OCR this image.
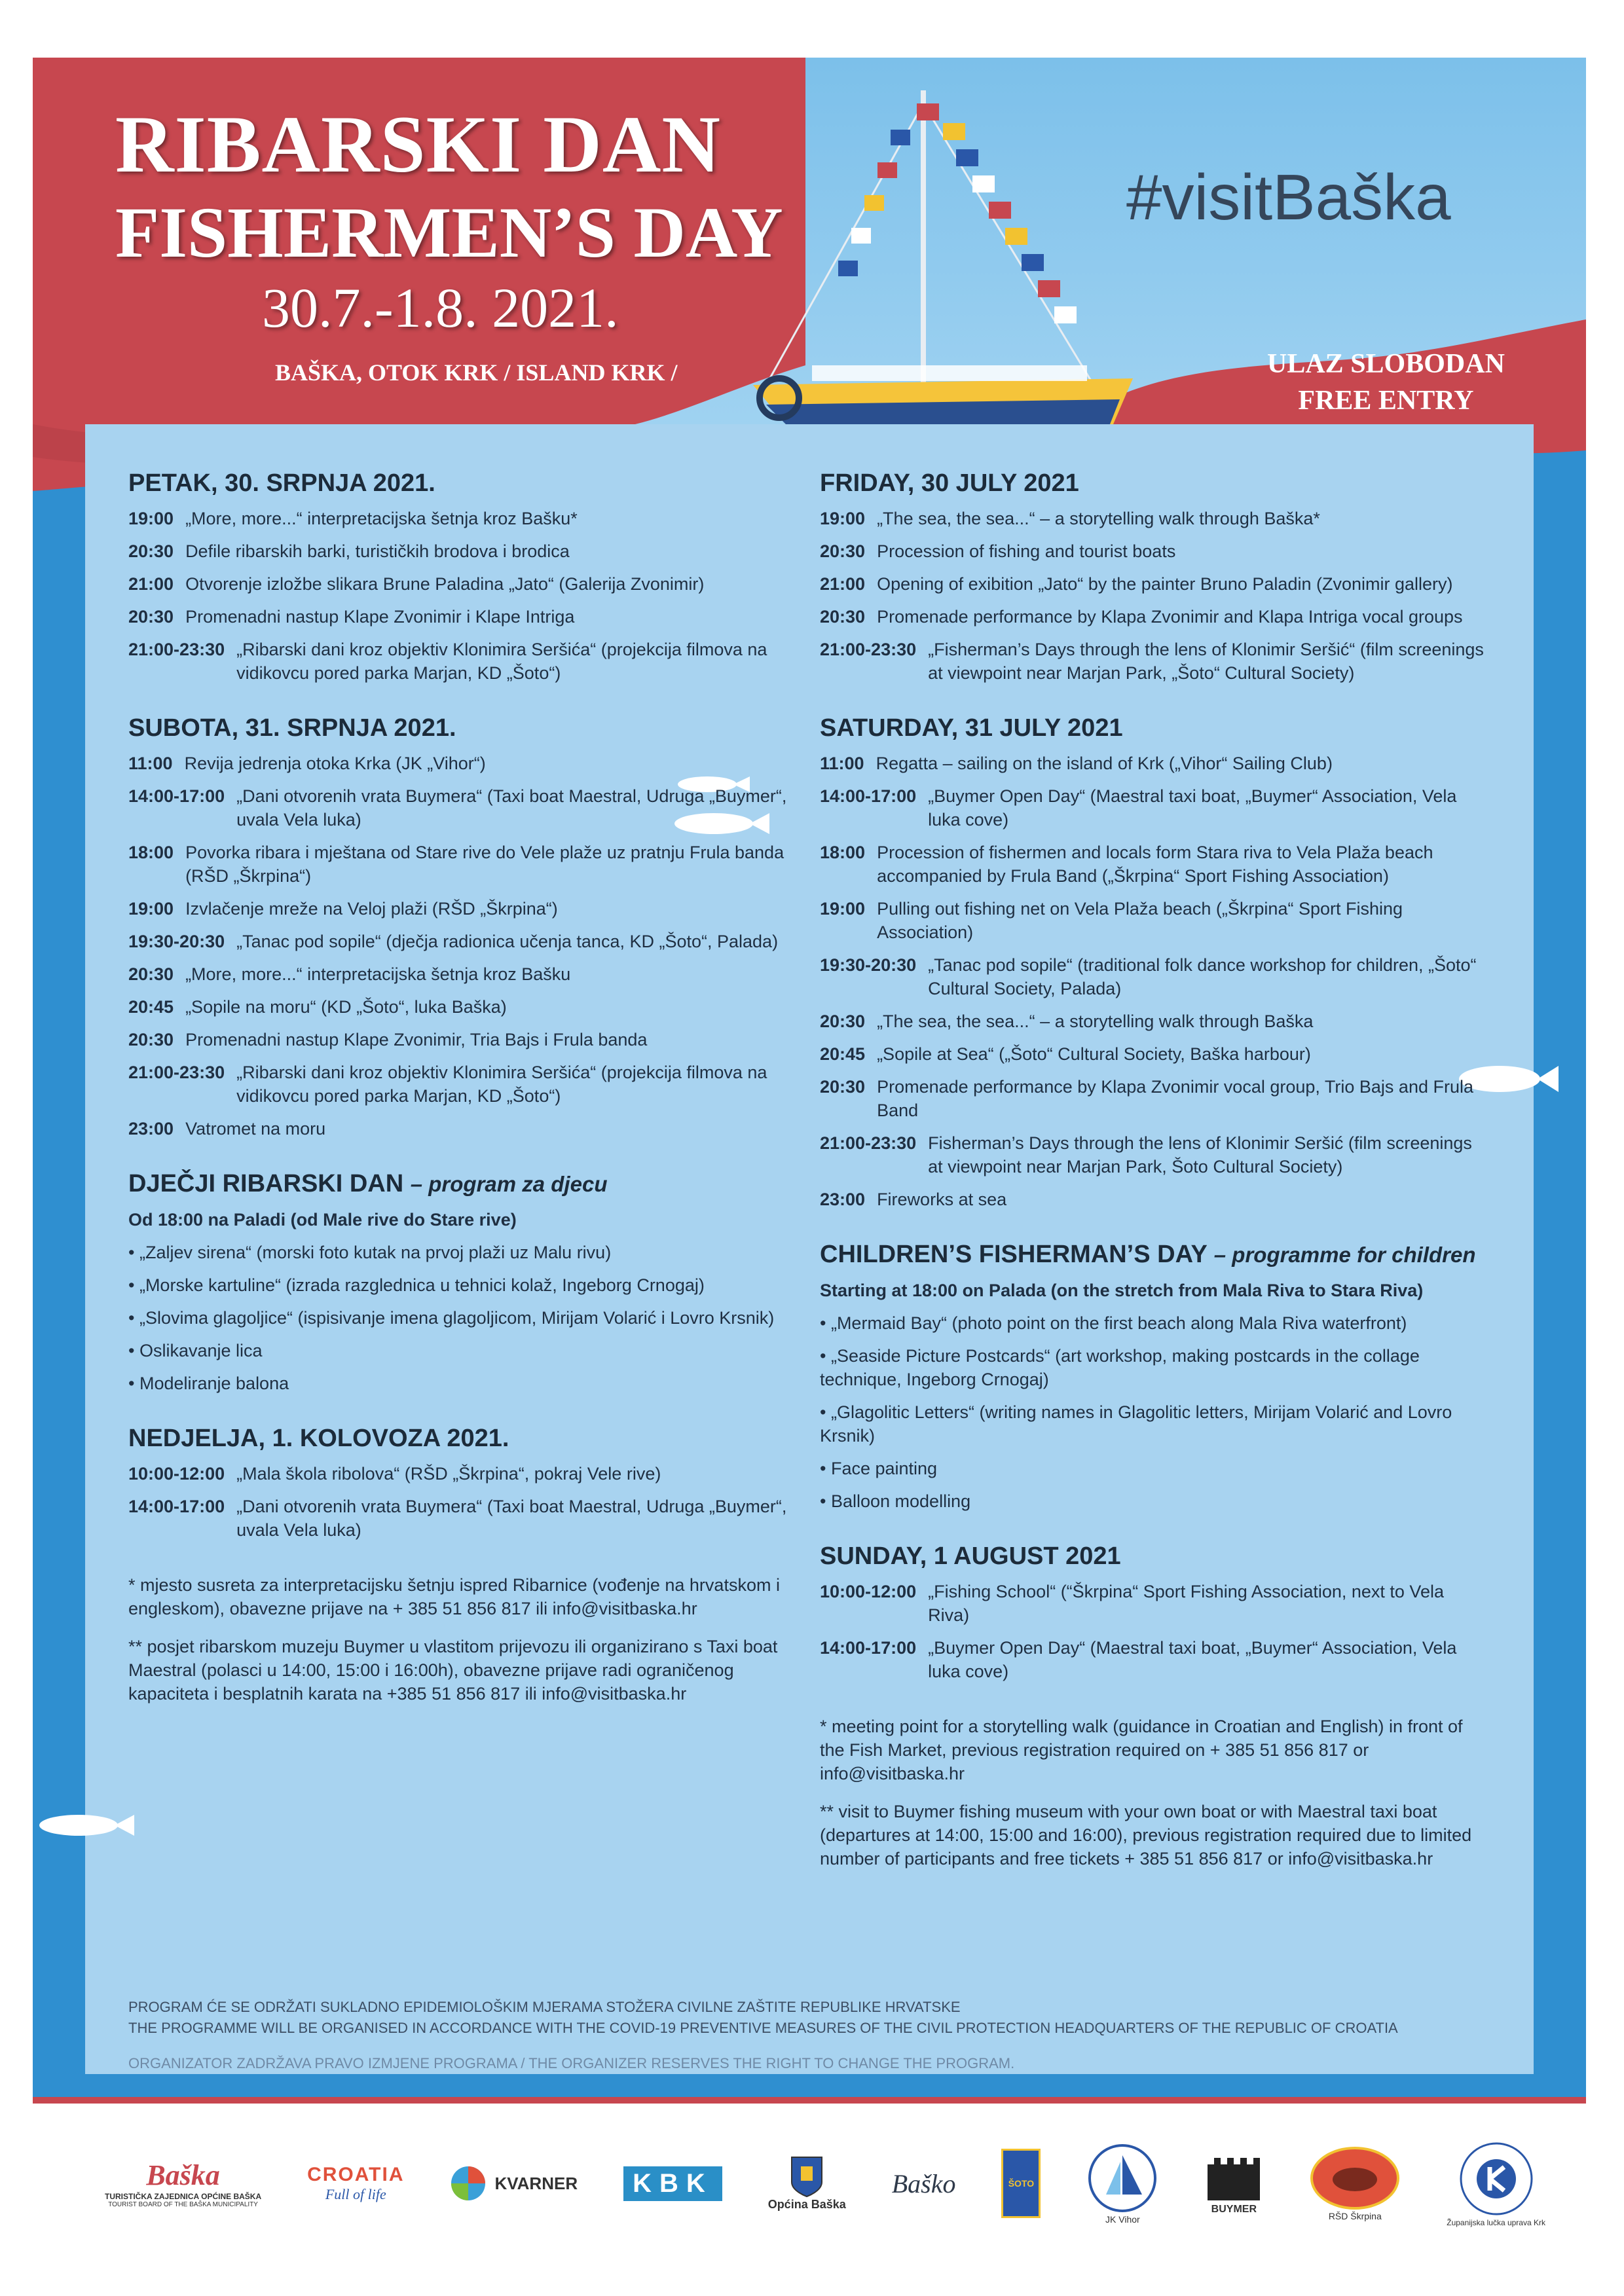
RIBARSKI DAN
FISHERMEN’S DAY
30.7.-1.8. 2021.
BAŠKA, OTOK KRK / ISLAND KRK /
#visitBaška
ULAZ SLOBODAN
FREE ENTRY
PETAK, 30. SRPNJA 2021.
19:00 „More, more...“ interpretacijska šetnja kroz Bašku*
20:30 Defile ribarskih barki, turističkih brodova i brodica
21:00 Otvorenje izložbe slikara Brune Paladina „Jato“ (Galerija Zvonimir)
20:30 Promenadni nastup Klape Zvonimir i Klape Intriga
21:00-23:30 „Ribarski dani kroz objektiv Klonimira Seršića“ (projekcija filmova na vidikovcu pored parka Marjan, KD „Šoto“)
SUBOTA, 31. SRPNJA 2021.
11:00 Revija jedrenja otoka Krka (JK „Vihor“)
14:00-17:00 „Dani otvorenih vrata Buymera“ (Taxi boat Maestral, Udruga „Buymer“, uvala Vela luka)
18:00 Povorka ribara i mještana od Stare rive do Vele plaže uz pratnju Frula banda (RŠD „Škrpina“)
19:00 Izvlačenje mreže na Veloj plaži (RŠD „Škrpina“)
19:30-20:30 „Tanac pod sopile“ (dječja radionica učenja tanca, KD „Šoto“, Palada)
20:30 „More, more...“ interpretacijska šetnja kroz Bašku
20:45 „Sopile na moru“ (KD „Šoto“, luka Baška)
20:30 Promenadni nastup Klape Zvonimir, Tria Bajs i Frula banda
21:00-23:30 „Ribarski dani kroz objektiv Klonimira Seršića“ (projekcija filmova na vidikovcu pored parka Marjan, KD „Šoto“)
23:00 Vatromet na moru
DJEČJI RIBARSKI DAN – program za djecu
Od 18:00 na Paladi (od Male rive do Stare rive)
• „Zaljev sirena“ (morski foto kutak na prvoj plaži uz Malu rivu)
• „Morske kartuline“ (izrada razglednica u tehnici kolaž, Ingeborg Crnogaj)
• „Slovima glagoljice“ (ispisivanje imena glagoljicom, Mirijam Volarić i Lovro Krsnik)
• Oslikavanje lica
• Modeliranje balona
NEDJELJA, 1. KOLOVOZA 2021.
10:00-12:00 „Mala škola ribolova“ (RŠD „Škrpina“, pokraj Vele rive)
14:00-17:00 „Dani otvorenih vrata Buymera“ (Taxi boat Maestral, Udruga „Buymer“, uvala Vela luka)
* mjesto susreta za interpretacijsku šetnju ispred Ribarnice (vođenje na hrvatskom i engleskom), obavezne prijave na + 385 51 856 817 ili info@visitbaska.hr
** posjet ribarskom muzeju Buymer u vlastitom prijevozu ili organizirano s Taxi boat Maestral (polasci u 14:00, 15:00 i 16:00h), obavezne prijave radi ograničenog kapaciteta i besplatnih karata na +385 51 856 817 ili info@visitbaska.hr
FRIDAY, 30 JULY 2021
19:00 „The sea, the sea...“ – a storytelling walk through Baška*
20:30 Procession of fishing and tourist boats
21:00 Opening of exibition „Jato“ by the painter Bruno Paladin (Zvonimir gallery)
20:30 Promenade performance by Klapa Zvonimir and Klapa Intriga vocal groups
21:00-23:30 „Fisherman’s Days through the lens of Klonimir Seršić“ (film screenings at viewpoint near Marjan Park, „Šoto“ Cultural Society)
SATURDAY, 31 JULY 2021
11:00 Regatta – sailing on the island of Krk („Vihor“ Sailing Club)
14:00-17:00 „Buymer Open Day“ (Maestral taxi boat, „Buymer“ Association, Vela luka cove)
18:00 Procession of fishermen and locals form Stara riva to Vela Plaža beach accompanied by Frula Band („Škrpina“ Sport Fishing Association)
19:00 Pulling out fishing net on Vela Plaža beach („Škrpina“ Sport Fishing Association)
19:30-20:30 „Tanac pod sopile“ (traditional folk dance workshop for children, „Šoto“ Cultural Society, Palada)
20:30 „The sea, the sea...“ – a storytelling walk through Baška
20:45 „Sopile at Sea“ („Šoto“ Cultural Society, Baška harbour)
20:30 Promenade performance by Klapa Zvonimir vocal group, Trio Bajs and Frula Band
21:00-23:30 Fisherman’s Days through the lens of Klonimir Seršić (film screenings at viewpoint near Marjan Park, Šoto Cultural Society)
23:00 Fireworks at sea
CHILDREN’S FISHERMAN’S DAY – programme for children
Starting at 18:00 on Palada (on the stretch from Mala Riva to Stara Riva)
• „Mermaid Bay“ (photo point on the first beach along Mala Riva waterfront)
• „Seaside Picture Postcards“ (art workshop, making postcards in the collage technique, Ingeborg Crnogaj)
• „Glagolitic Letters“ (writing names in Glagolitic letters, Mirijam Volarić and Lovro Krsnik)
• Face painting
• Balloon modelling
SUNDAY, 1 AUGUST 2021
10:00-12:00 „Fishing School“ (“Škrpina“ Sport Fishing Association, next to Vela Riva)
14:00-17:00 „Buymer Open Day“ (Maestral taxi boat, „Buymer“ Association, Vela luka cove)
* meeting point for a storytelling walk (guidance in Croatian and English) in front of the Fish Market, previous registration required on + 385 51 856 817 or info@visitbaska.hr
** visit to Buymer fishing museum with your own boat or with Maestral taxi boat (departures at 14:00, 15:00 and 16:00), previous registration required due to limited number of participants and free tickets + 385 51 856 817 or info@visitbaska.hr
PROGRAM ĆE SE ODRŽATI SUKLADNO EPIDEMIOLOŠKIM MJERAMA STOŽERA CIVILNE ZAŠTITE REPUBLIKE HRVATSKE
THE PROGRAMME WILL BE ORGANISED IN ACCORDANCE WITH THE COVID-19 PREVENTIVE MEASURES OF THE CIVIL PROTECTION HEADQUARTERS OF THE REPUBLIC OF CROATIA
ORGANIZATOR ZADRŽAVA PRAVO IZMJENE PROGRAMA / THE ORGANIZER RESERVES THE RIGHT TO CHANGE THE PROGRAM.
Baška
TURISTIČKA ZAJEDNICA OPĆINE BAŠKA
TOURIST BOARD OF THE BAŠKA MUNICIPALITY
CROATIA
Full of life
KVARNER	KBK
Općina Baška
Baško	ŠOTO
JK Vihor
BUYMER
RŠD Škrpina
Županijska lučka uprava Krk
